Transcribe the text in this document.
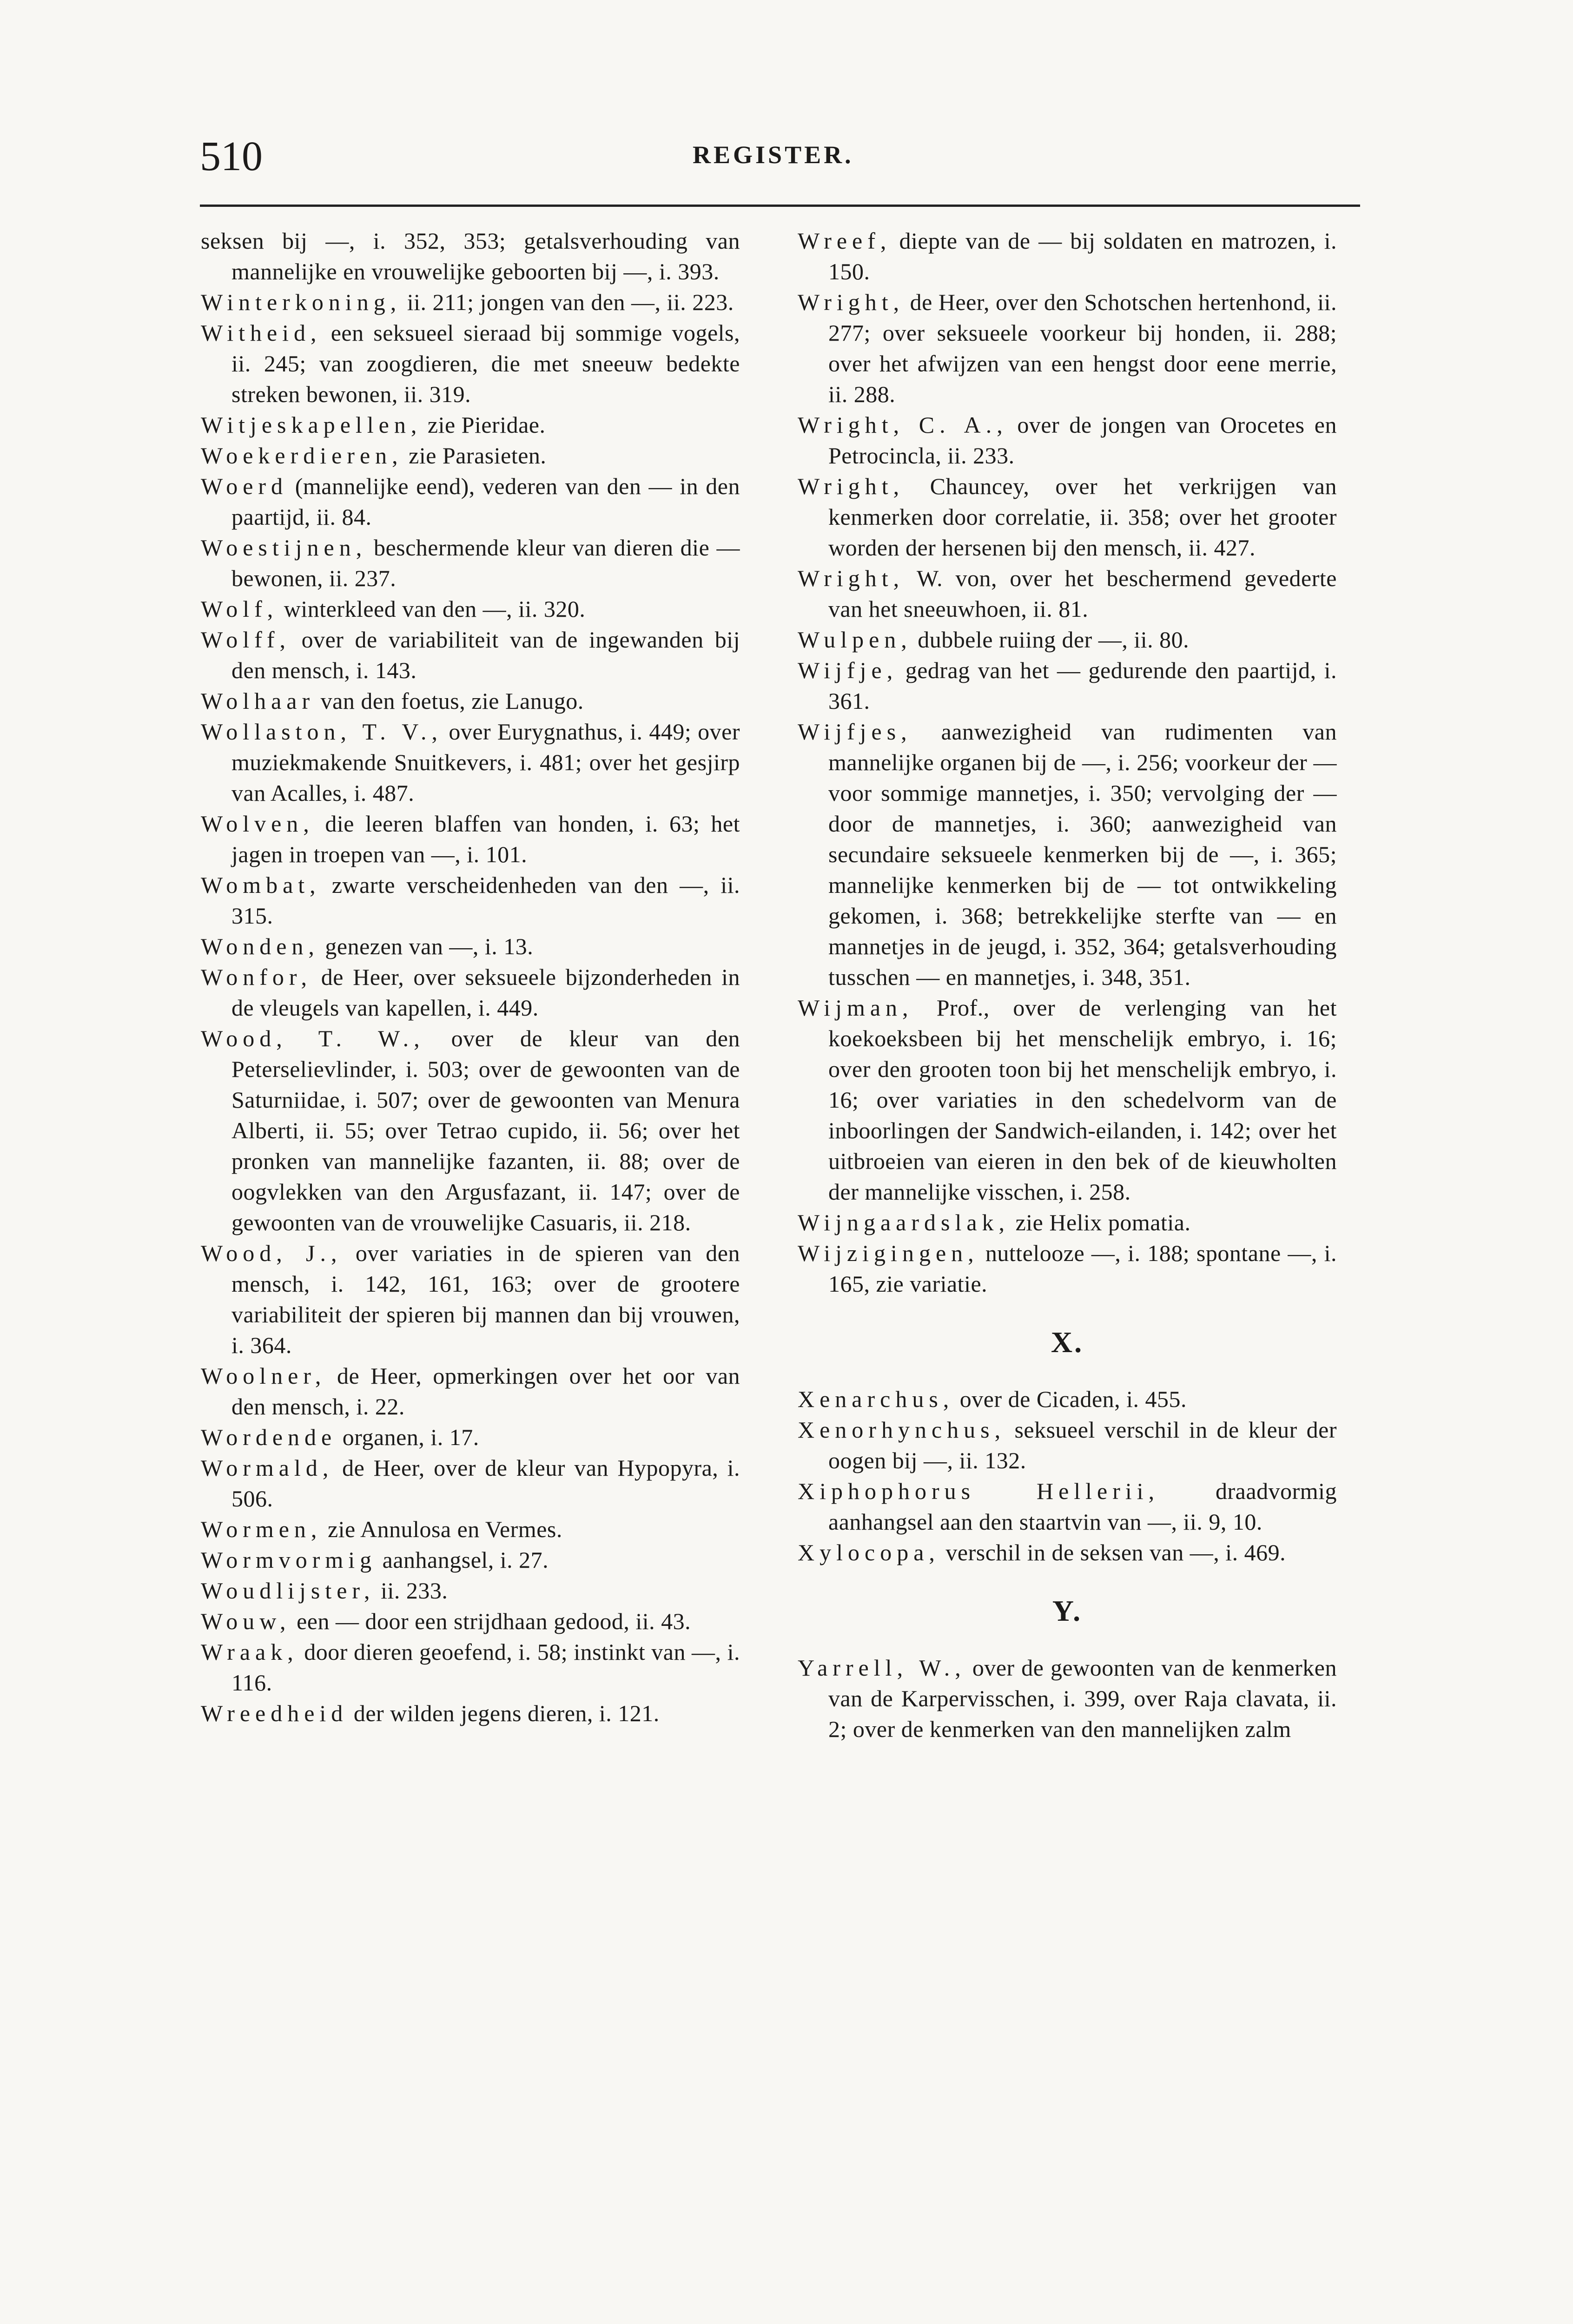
510	REGISTER.
seksen bij —, i. 352, 353; getalsverhouding van mannelijke en vrouwelijke geboorten bij —, i. 393.
Winterkoning, ii. 211; jongen van den —, ii. 223.
Witheid, een seksueel sieraad bij sommige vogels, ii. 245; van zoogdieren, die met sneeuw bedekte streken bewonen, ii. 319.
Witjeskapellen, zie Pieridae.
Woekerdieren, zie Parasieten.
Woerd (mannelijke eend), vederen van den — in den paartijd, ii. 84.
Woestijnen, beschermende kleur van dieren die — bewonen, ii. 237.
Wolf, winterkleed van den —, ii. 320.
Wolff, over de variabiliteit van de ingewanden bij den mensch, i. 143.
Wolhaar van den foetus, zie Lanugo.
Wollaston, T. V., over Eurygnathus, i. 449; over muziekmakende Snuitkevers, i. 481; over het gesjirp van Acalles, i. 487.
Wolven, die leeren blaffen van honden, i. 63; het jagen in troepen van —, i. 101.
Wombat, zwarte verscheidenheden van den —, ii. 315.
Wonden, genezen van —, i. 13.
Wonfor, de Heer, over seksueele bijzonderheden in de vleugels van kapellen, i. 449.
Wood, T. W., over de kleur van den Peterselievlinder, i. 503; over de gewoonten van de Saturniidae, i. 507; over de gewoonten van Menura Alberti, ii. 55; over Tetrao cupido, ii. 56; over het pronken van mannelijke fazanten, ii. 88; over de oogvlekken van den Argusfazant, ii. 147; over de gewoonten van de vrouwelijke Casuaris, ii. 218.
Wood, J., over variaties in de spieren van den mensch, i. 142, 161, 163; over de grootere variabiliteit der spieren bij mannen dan bij vrouwen, i. 364.
Woolner, de Heer, opmerkingen over het oor van den mensch, i. 22.
Wordende organen, i. 17.
Wormald, de Heer, over de kleur van Hypopyra, i. 506.
Wormen, zie Annulosa en Vermes.
Wormvormig aanhangsel, i. 27.
Woudlijster, ii. 233.
Wouw, een — door een strijdhaan gedood, ii. 43.
Wraak, door dieren geoefend, i. 58; instinkt van —, i. 116.
Wreedheid der wilden jegens dieren, i. 121.
Wreef, diepte van de — bij soldaten en matrozen, i. 150.
Wright, de Heer, over den Schotschen hertenhond, ii. 277; over seksueele voorkeur bij honden, ii. 288; over het afwijzen van een hengst door eene merrie, ii. 288.
Wright, C. A., over de jongen van Orocetes en Petrocincla, ii. 233.
Wright, Chauncey, over het verkrijgen van kenmerken door correlatie, ii. 358; over het grooter worden der hersenen bij den mensch, ii. 427.
Wright, W. von, over het beschermend gevederte van het sneeuwhoen, ii. 81.
Wulpen, dubbele ruiing der —, ii. 80.
Wijfje, gedrag van het — gedurende den paartijd, i. 361.
Wijfjes, aanwezigheid van rudimenten van mannelijke organen bij de —, i. 256; voorkeur der — voor sommige mannetjes, i. 350; vervolging der — door de mannetjes, i. 360; aanwezigheid van secundaire seksueele kenmerken bij de —, i. 365; mannelijke kenmerken bij de — tot ontwikkeling gekomen, i. 368; betrekkelijke sterfte van — en mannetjes in de jeugd, i. 352, 364; getalsverhouding tusschen — en mannetjes, i. 348, 351.
Wijman, Prof., over de verlenging van het koekoeksbeen bij het menschelijk embryo, i. 16; over den grooten toon bij het menschelijk embryo, i. 16; over variaties in den schedelvorm van de inboorlingen der Sandwich-eilanden, i. 142; over het uitbroeien van eieren in den bek of de kieuwholten der mannelijke visschen, i. 258.
Wijngaardslak, zie Helix pomatia.
Wijzigingen, nuttelooze —, i. 188; spontane —, i. 165, zie variatie.
X.
Xenarchus, over de Cicaden, i. 455.
Xenorhynchus, seksueel verschil in de kleur der oogen bij —, ii. 132.
Xiphophorus Hellerii, draadvormig aanhangsel aan den staartvin van —, ii. 9, 10.
Xylocopa, verschil in de seksen van —, i. 469.
Y.
Yarrell, W., over de gewoonten van de kenmerken van de Karpervisschen, i. 399, over Raja clavata, ii. 2; over de kenmerken van den mannelijken zalm
